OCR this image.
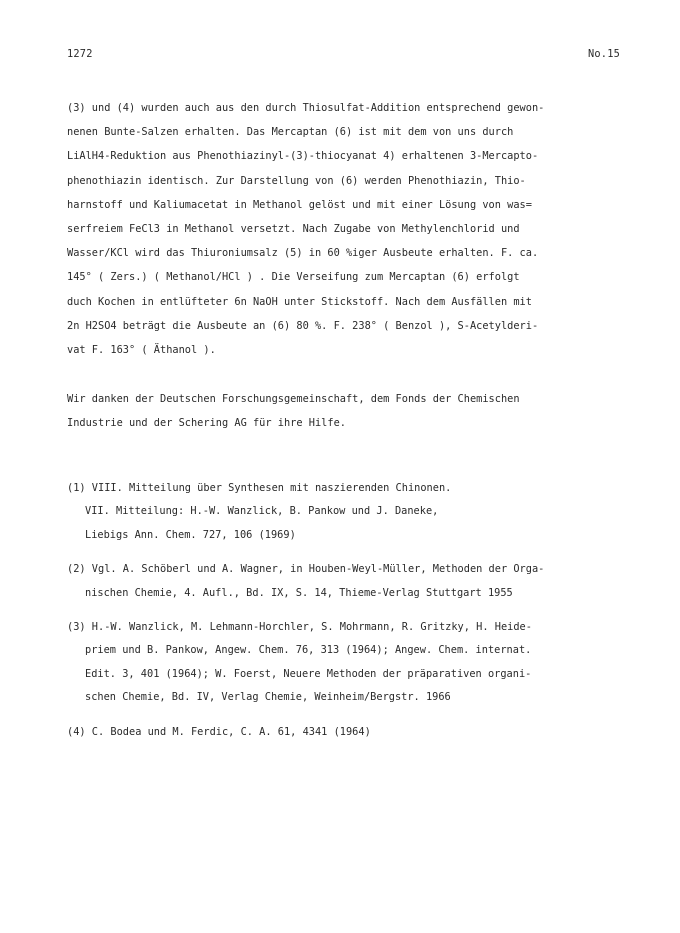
1272	No.15
(3) und (4) wurden auch aus den durch Thiosulfat-Addition entsprechend gewon-
nenen Bunte-Salzen erhalten. Das Mercaptan (6) ist mit dem von uns durch
LiAlH4-Reduktion aus Phenothiazinyl-(3)-thiocyanat 4) erhaltenen 3-Mercapto-
phenothiazin identisch. Zur Darstellung von (6) werden Phenothiazin, Thio-
harnstoff und Kaliumacetat in Methanol gelöst und mit einer Lösung von was=
serfreiem FeCl3 in Methanol versetzt. Nach Zugabe von Methylenchlorid und
Wasser/KCl wird das Thiuroniumsalz (5) in 60 %iger Ausbeute erhalten. F. ca.
145° ( Zers.) ( Methanol/HCl ) . Die Verseifung zum Mercaptan (6) erfolgt
duch Kochen in entlüfteter 6n NaOH unter Stickstoff. Nach dem Ausfällen mit
2n H2SO4 beträgt die Ausbeute an (6) 80 %. F. 238° ( Benzol ), S-Acetylderi-
vat F. 163° ( Äthanol ).
Wir danken der Deutschen Forschungsgemeinschaft, dem Fonds der Chemischen
Industrie und der Schering AG für ihre Hilfe.
(1) VIII. Mitteilung über Synthesen mit naszierenden Chinonen.
VII. Mitteilung: H.-W. Wanzlick, B. Pankow und J. Daneke,
Liebigs Ann. Chem. 727, 106 (1969)
(2) Vgl. A. Schöberl und A. Wagner, in Houben-Weyl-Müller, Methoden der Orga-
nischen Chemie, 4. Aufl., Bd. IX, S. 14, Thieme-Verlag Stuttgart 1955
(3) H.-W. Wanzlick, M. Lehmann-Horchler, S. Mohrmann, R. Gritzky, H. Heide-
priem und B. Pankow, Angew. Chem. 76, 313 (1964); Angew. Chem. internat.
Edit. 3, 401 (1964); W. Foerst, Neuere Methoden der präparativen organi-
schen Chemie, Bd. IV, Verlag Chemie, Weinheim/Bergstr. 1966
(4) C. Bodea und M. Ferdic, C. A. 61, 4341 (1964)
